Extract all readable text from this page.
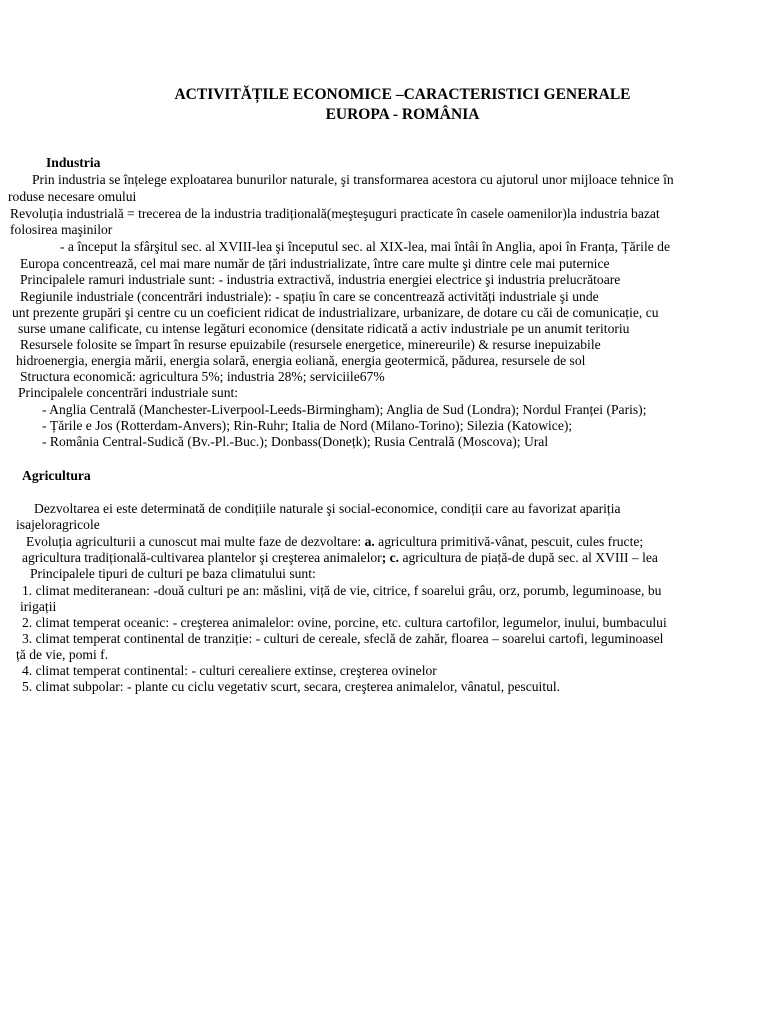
ACTIVITĂȚILE ECONOMICE –CARACTERISTICI GENERALE
EUROPA - ROMÂNIA
Industria
Prin industria se înțelege exploatarea bunurilor naturale, şi transformarea acestora cu ajutorul unor mijloace tehnice în
roduse necesare omului
Revoluția industrială = trecerea de la industria tradițională(meşteşuguri practicate în casele oamenilor)la industria bazat
folosirea maşinilor
- a început la sfârşitul sec. al XVIII-lea şi începutul sec. al XIX-lea, mai întâi în Anglia, apoi în Franța, Țările de
Europa concentrează, cel mai mare număr de țări industrializate, între care multe şi dintre cele mai puternice
Principalele ramuri industriale sunt: - industria extractivă, industria energiei electrice şi industria prelucrătoare
Regiunile industriale (concentrări industriale): - spațiu în care se concentrează activități industriale şi unde
unt prezente grupări şi centre cu un coeficient ridicat de industrializare, urbanizare, de dotare cu căi de comunicație, cu
surse umane calificate, cu intense legături economice (densitate ridicată a activ industriale pe un anumit teritoriu
Resursele folosite se împart în resurse epuizabile (resursele energetice, minereurile) & resurse inepuizabile
hidroenergia, energia mării, energia solară, energia eoliană, energia geotermică, pădurea, resursele de sol
Structura economică: agricultura 5%; industria 28%; serviciile67%
Principalele concentrări industriale sunt:
- Anglia Centrală (Manchester-Liverpool-Leeds-Birmingham); Anglia de Sud (Londra); Nordul Franței (Paris);
- Țările e Jos (Rotterdam-Anvers); Rin-Ruhr; Italia de Nord (Milano-Torino); Silezia (Katowice);
- România Central-Sudică (Bv.-Pl.-Buc.); Donbass(Donețk); Rusia Centrală (Moscova); Ural
Agricultura
Dezvoltarea ei este determinată de condițiile naturale şi social-economice, condiții care au favorizat apariția
isajeloragricole
Evoluția agriculturii a cunoscut mai multe faze de dezvoltare: a. agricultura primitivă-vânat, pescuit, cules fructe;
agricultura tradițională-cultivarea plantelor şi creşterea animalelor; c. agricultura de piață-de după sec. al XVIII – lea
Principalele tipuri de culturi pe baza climatului sunt:
1. climat mediteranean: -două culturi pe an: măslini, viță de vie, citrice, f soarelui grâu, orz, porumb, leguminoase, bu
irigații
2. climat temperat oceanic: - creşterea animalelor: ovine, porcine, etc. cultura cartofilor, legumelor, inului, bumbacului
3. climat temperat continental de tranziție: - culturi de cereale, sfeclă de zahăr, floarea – soarelui cartofi, leguminoasel
ță de vie, pomi f.
4. climat temperat continental: - culturi cerealiere extinse, creşterea ovinelor
5. climat subpolar: - plante cu ciclu vegetativ scurt, secara, creşterea animalelor, vânatul, pescuitul.
